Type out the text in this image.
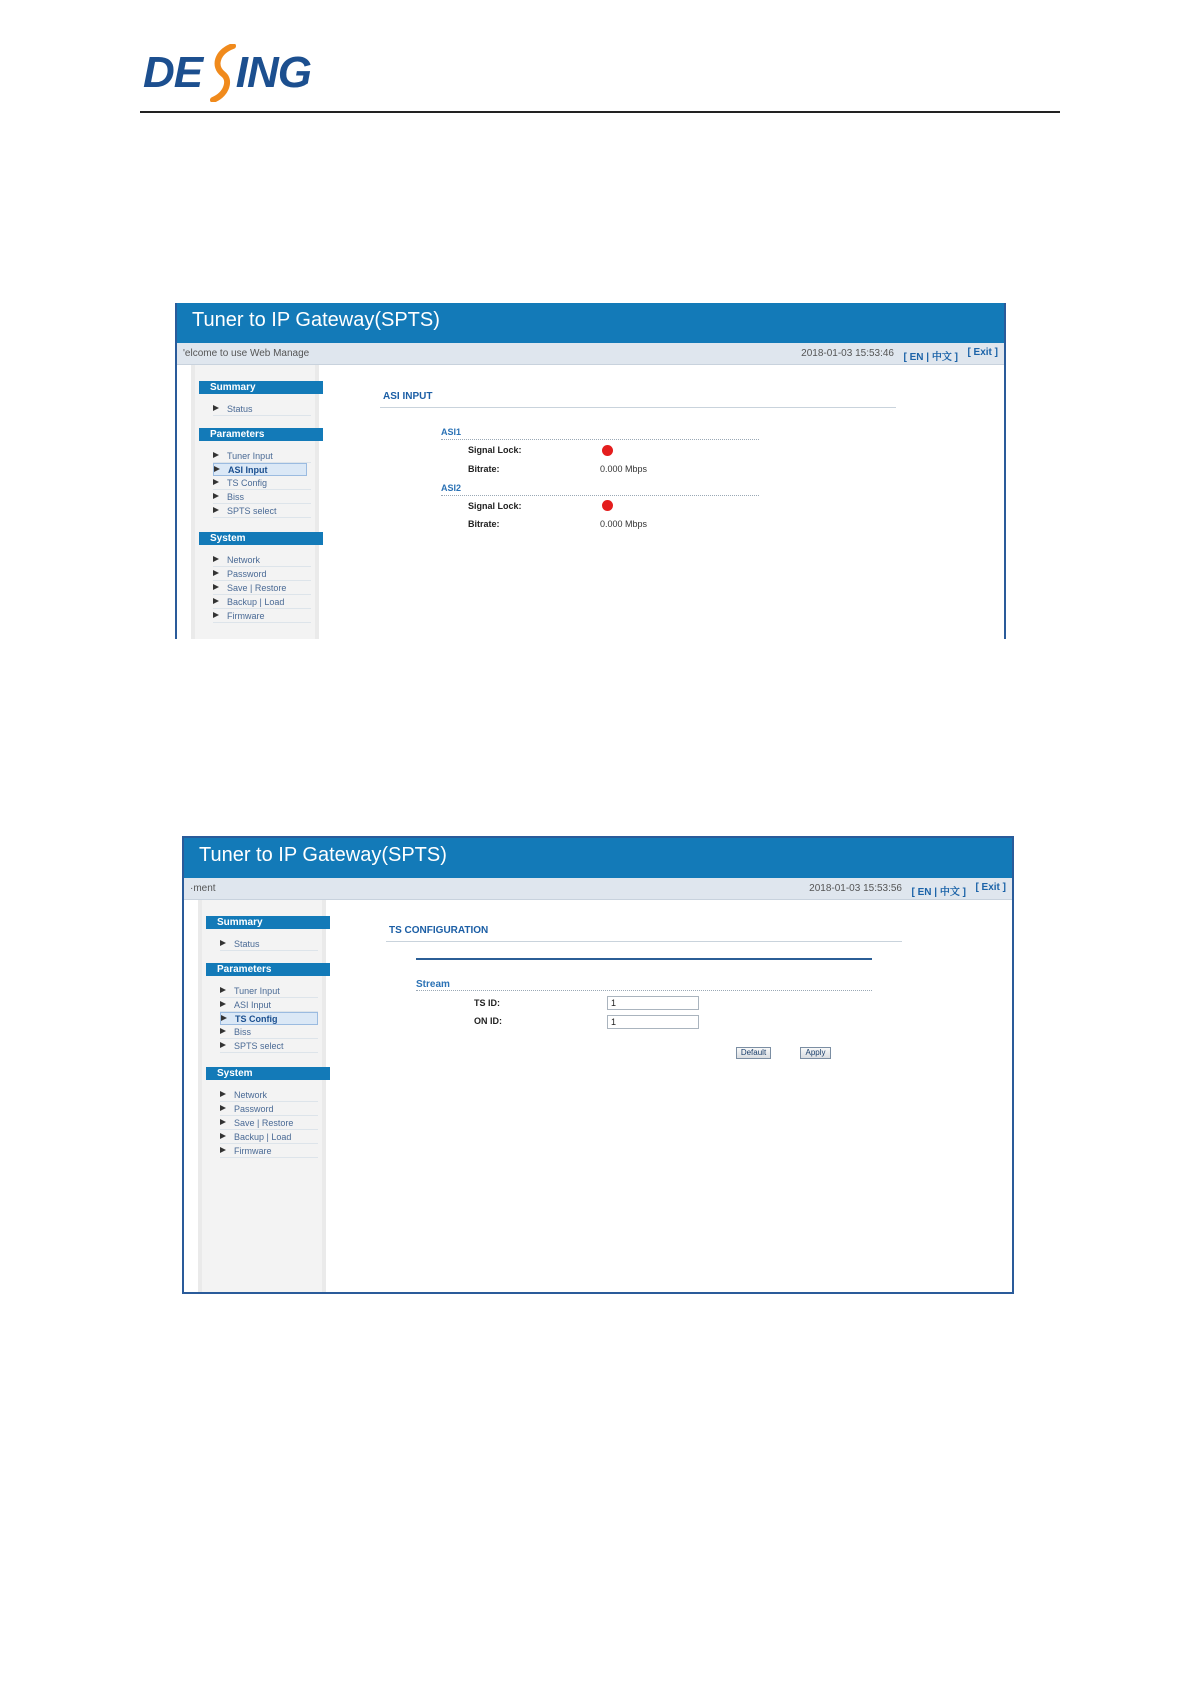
DE   ING
Tuner to IP Gateway(SPTS)
'elcome to use Web Manage	2018-01-03 15:53:46 [ EN | 中文 ] [ Exit ]
Summary
Status
Parameters
Tuner Input
ASI Input
TS Config
Biss
SPTS select
System
Network
Password
Save | Restore
Backup | Load
Firmware
ASI INPUT
ASI1
Signal Lock:
Bitrate:	0.000 Mbps
ASI2
Signal Lock:
Bitrate:	0.000 Mbps
Tuner to IP Gateway(SPTS)
·ment	2018-01-03 15:53:56 [ EN | 中文 ] [ Exit ]
Summary
Status
Parameters
Tuner Input
ASI Input
TS Config
Biss
SPTS select
System
Network
Password
Save | Restore
Backup | Load
Firmware
TS CONFIGURATION
Stream
TS ID:	1
ON ID:	1
Default	Apply
